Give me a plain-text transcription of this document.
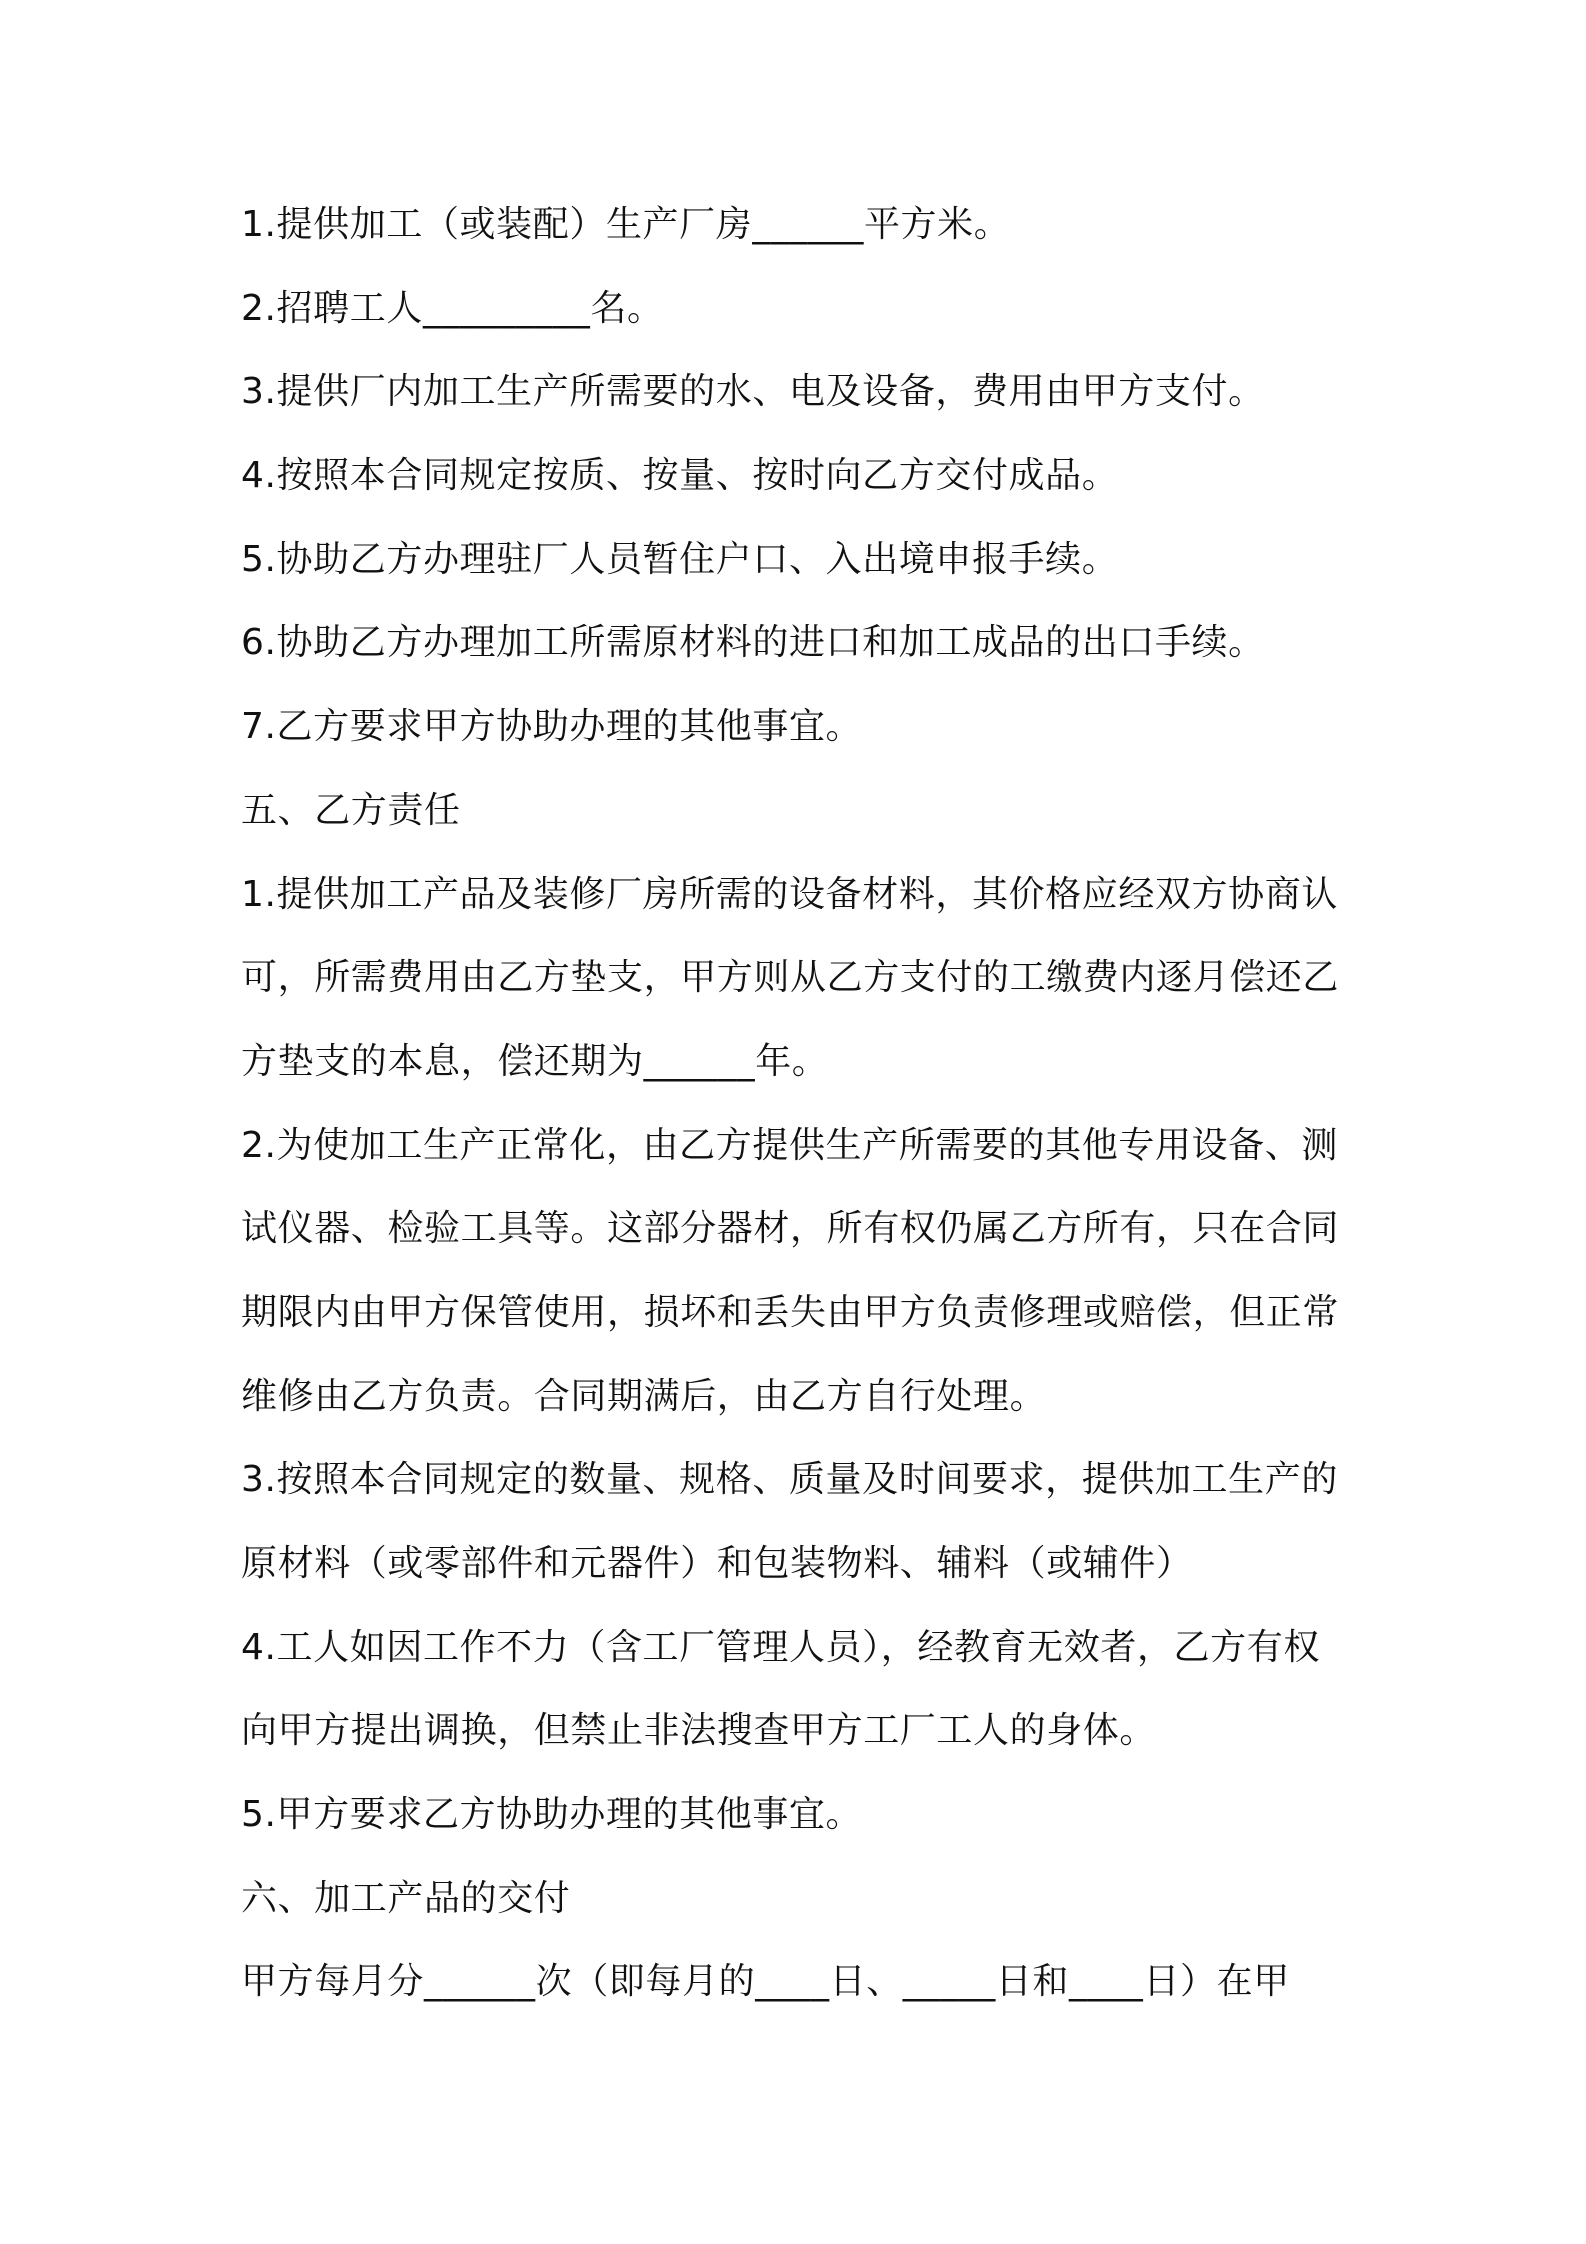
1.提供加工（或装配）生产厂房______平方米。
2.招聘工人_________名。
3.提供厂内加工生产所需要的水、电及设备，费用由甲方支付。
4.按照本合同规定按质、按量、按时向乙方交付成品。
5.协助乙方办理驻厂人员暂住户口、入出境申报手续。
6.协助乙方办理加工所需原材料的进口和加工成品的出口手续。
7.乙方要求甲方协助办理的其他事宜。
五、乙方责任
1.提供加工产品及装修厂房所需的设备材料，其价格应经双方协商认
可，所需费用由乙方垫支，甲方则从乙方支付的工缴费内逐月偿还乙
方垫支的本息，偿还期为______年。
2.为使加工生产正常化，由乙方提供生产所需要的其他专用设备、测
试仪器、检验工具等。这部分器材，所有权仍属乙方所有，只在合同
期限内由甲方保管使用，损坏和丢失由甲方负责修理或赔偿，但正常
维修由乙方负责。合同期满后，由乙方自行处理。
3.按照本合同规定的数量、规格、质量及时间要求，提供加工生产的
原材料（或零部件和元器件）和包装物料、辅料（或辅件）
4.工人如因工作不力（含工厂管理人员），经教育无效者，乙方有权
向甲方提出调换，但禁止非法搜查甲方工厂工人的身体。
5.甲方要求乙方协助办理的其他事宜。
六、加工产品的交付
甲方每月分______次（即每月的____日、_____日和____日）在甲
